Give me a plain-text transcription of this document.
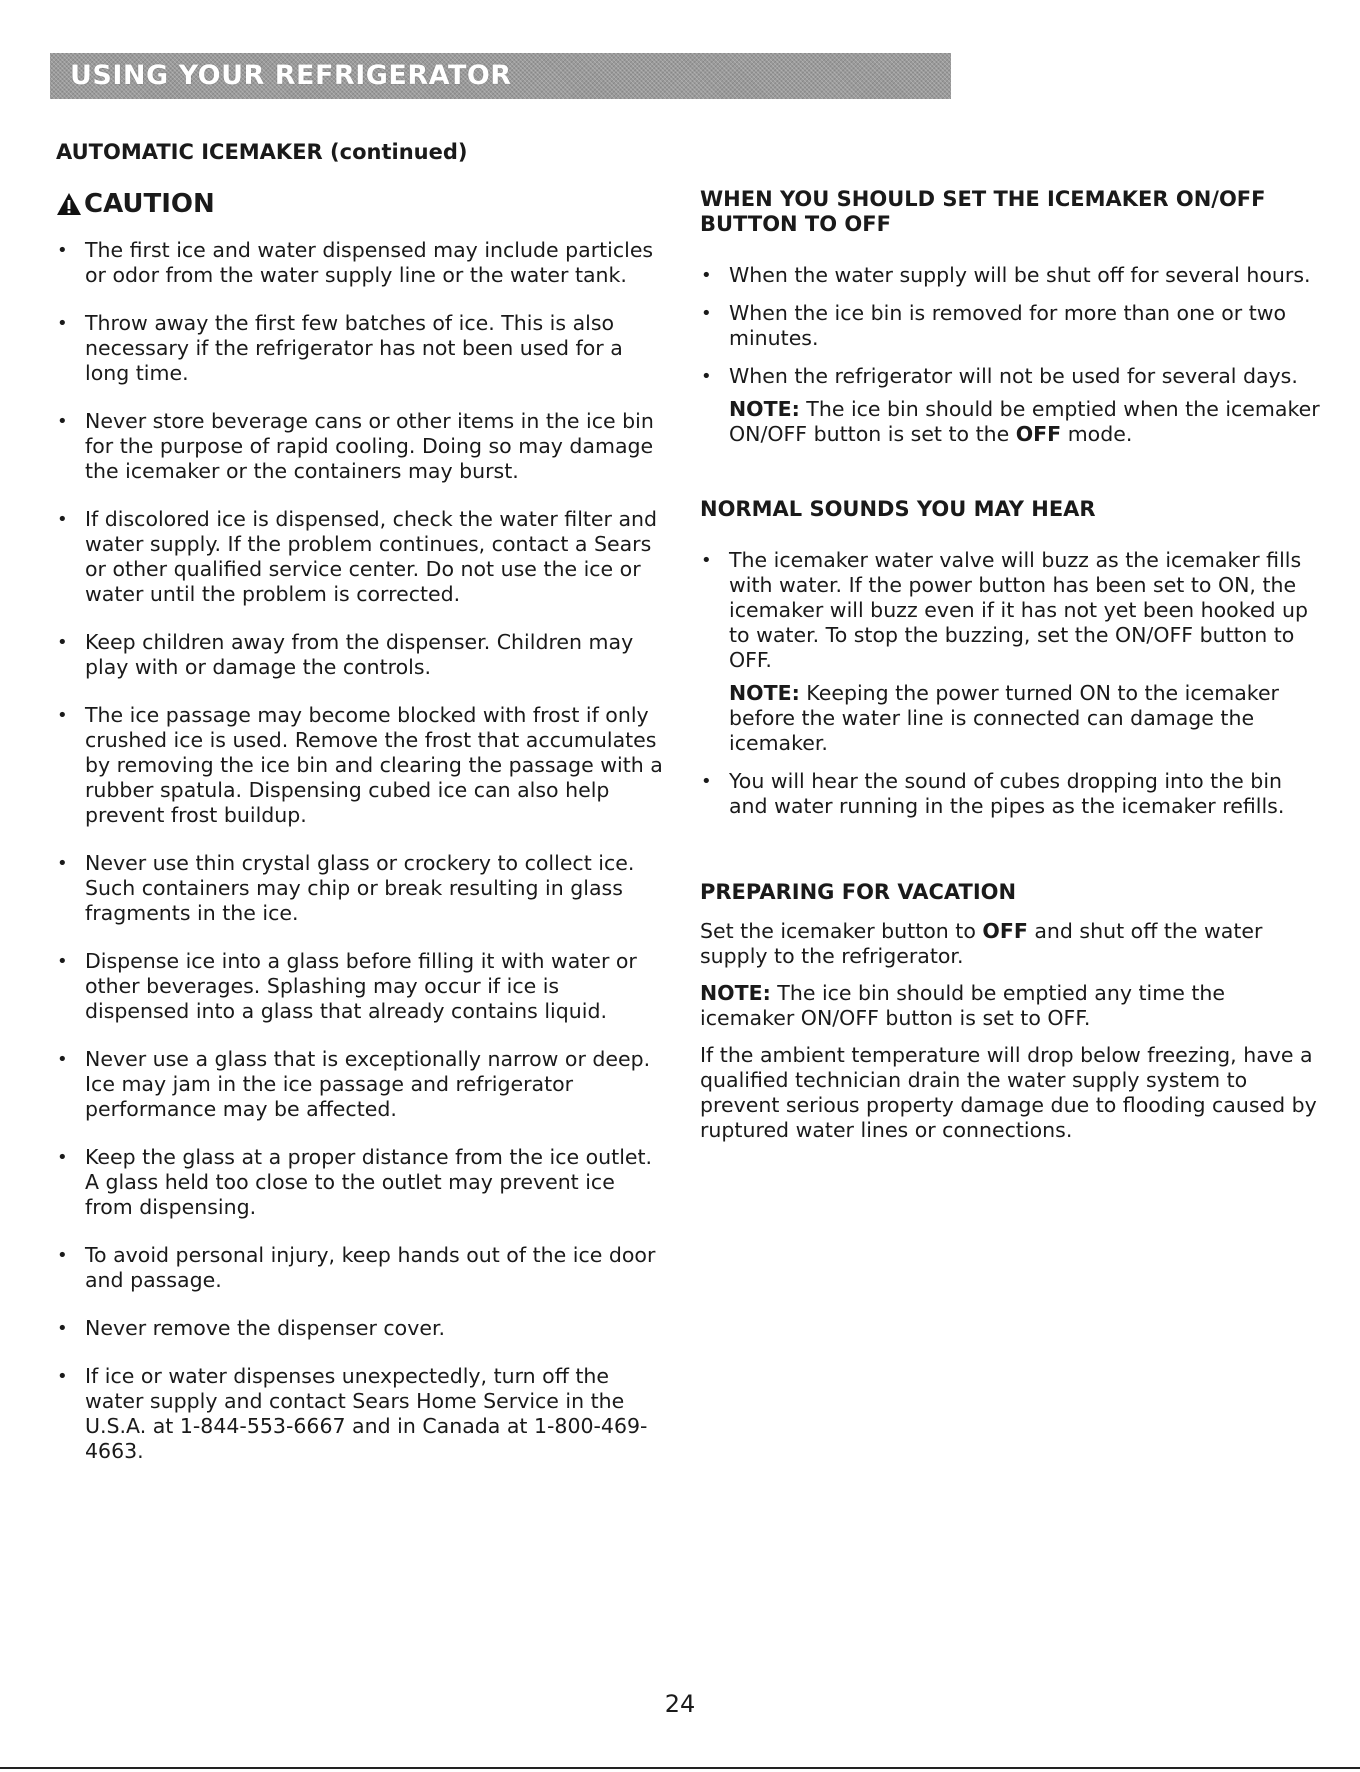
USING YOUR REFRIGERATOR

AUTOMATIC ICEMAKER (continued)

CAUTION
• The first ice and water dispensed may include particles or odor from the water supply line or the water tank.
• Throw away the first few batches of ice. This is also necessary if the refrigerator has not been used for a long time.
• Never store beverage cans or other items in the ice bin for the purpose of rapid cooling. Doing so may damage the icemaker or the containers may burst.
• If discolored ice is dispensed, check the water filter and water supply. If the problem continues, contact a Sears or other qualified service center. Do not use the ice or water until the problem is corrected.
• Keep children away from the dispenser. Children may play with or damage the controls.
• The ice passage may become blocked with frost if only crushed ice is used. Remove the frost that accumulates by removing the ice bin and clearing the passage with a rubber spatula. Dispensing cubed ice can also help prevent frost buildup.
• Never use thin crystal glass or crockery to collect ice. Such containers may chip or break resulting in glass fragments in the ice.
• Dispense ice into a glass before filling it with water or other beverages. Splashing may occur if ice is dispensed into a glass that already contains liquid.
• Never use a glass that is exceptionally narrow or deep. Ice may jam in the ice passage and refrigerator performance may be affected.
• Keep the glass at a proper distance from the ice outlet. A glass held too close to the outlet may prevent ice from dispensing.
• To avoid personal injury, keep hands out of the ice door and passage.
• Never remove the dispenser cover.
• If ice or water dispenses unexpectedly, turn off the water supply and contact Sears Home Service in the U.S.A. at 1-844-553-6667 and in Canada at 1-800-469-4663.

WHEN YOU SHOULD SET THE ICEMAKER ON/OFF BUTTON TO OFF

• When the water supply will be shut off for several hours.
• When the ice bin is removed for more than one or two minutes.
• When the refrigerator will not be used for several days.
NOTE: The ice bin should be emptied when the icemaker ON/OFF button is set to the OFF mode.

NORMAL SOUNDS YOU MAY HEAR

• The icemaker water valve will buzz as the icemaker fills with water. If the power button has been set to ON, the icemaker will buzz even if it has not yet been hooked up to water. To stop the buzzing, set the ON/OFF button to OFF.
NOTE: Keeping the power turned ON to the icemaker before the water line is connected can damage the icemaker.
• You will hear the sound of cubes dropping into the bin and water running in the pipes as the icemaker refills.

PREPARING FOR VACATION

Set the icemaker button to OFF and shut off the water supply to the refrigerator.

NOTE: The ice bin should be emptied any time the icemaker ON/OFF button is set to OFF.

If the ambient temperature will drop below freezing, have a qualified technician drain the water supply system to prevent serious property damage due to flooding caused by ruptured water lines or connections.

24
